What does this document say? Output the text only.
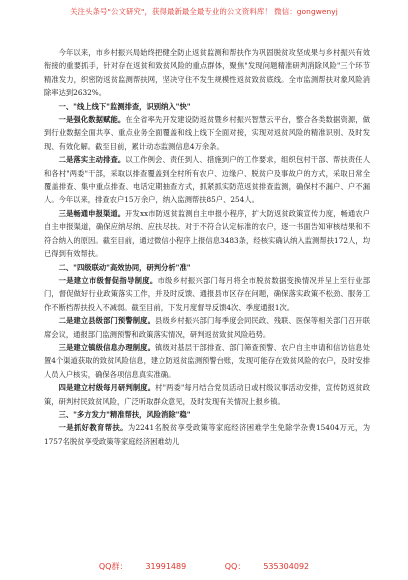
关注头条号"公文研究"，获得最新最全最专业的公文资料库！ 微信：gongwenyj

今年以来，市乡村振兴局始终把健全防止返贫监测和帮扶作为巩固脱贫攻坚成果与乡村振兴有效衔接的重要抓手，针对存在返贫和致贫风险的重点群体，聚焦"发现问题精准研判消除风险"三个环节精准发力，织密防返贫监测帮扶网，坚决守住不发生规模性返贫致贫底线。全市监测帮扶对象风险消除率达到2632%。

一、"线上线下"监测排查，识别纳入"快"

一是强化数据赋能。在全省率先开发建设防返贫暨乡村振兴智慧云平台，整合各类数据资源，做到行业数据全面共享、重点业务全面覆盖和线上线下全面对接，实现对返贫风险的精准识别、及时发现、有效化解。截至目前，累计动态监测信息4万余条。

二是落实主动排查。以工作例会、责任到人、措施到户的工作要求，组织包村干部、帮扶责任人和各村"两委"干部，采取以排查覆盖到全村所有农户、边缘户、脱贫户及事故户的方式，采取日常全覆盖排查、集中重点排查、电话定期抽查方式，抓紧抓实防范返贫排查监测，确保村不漏户、户不漏人。今年以来，排查农户15万余户，纳入监测帮扶85户、254人。

三是畅通申报渠道。开发xx市防返贫监测自主申报小程序，扩大防返贫政策宣传力度，畅通农户自主申报渠道，确保应纳尽纳、应扶尽扶。对于不符合认定标准的农户，逐一书面告知审核结果和不符合纳入的原因。截至目前，通过微信小程序上报信息3483条，经核实确认纳入监测帮扶172人，均已得到有效帮扶。

二、"四级联动"高效协同，研判分析"准"

一是建立市级督促指导制度。市级乡村振兴部门每月将全市脱贫数据变换情况并呈上至行业部门，督促做好行业政策落实工作，并及时反馈、通报县市区存在问题，确保落实政策不松劲、服务工作不断档帮扶投入不减弱。截至目前，下发月度督导反馈4次、季度通报1次。

二是建立县级部门预警制度。县级乡村振兴部门每季度会同民政、残联、医保等相关部门召开联席会议，通报部门监测预警和政策落实情况，研判返贫致贫风险趋势。

三是建立镇级信息办理制度。镇级对基层干部排查、部门筛查预警、农户自主申请和信访信息处置4个渠道获取的致贫风险信息，建立防返贫监测预警台账，发现可能存在致贫风险的农户，及时安排人员入户核实，确保各项信息真实准确。

四是建立村级每月研判制度。村"两委"每月结合党员活动日或村级议事活动安排，宣传防返贫政策，研判村民致贫风险，广泛听取群众意见，及时发现有关情况上报乡镇。

三、"多方发力"精准帮扶，风险消除"稳"

一是抓好教育帮扶。为2241名脱贫享受政策等家庭经济困难学生免除学杂费15404万元，为1757名脱贫享受政策等家庭经济困难幼儿

QQ群： 31991489	QQ： 535304092
